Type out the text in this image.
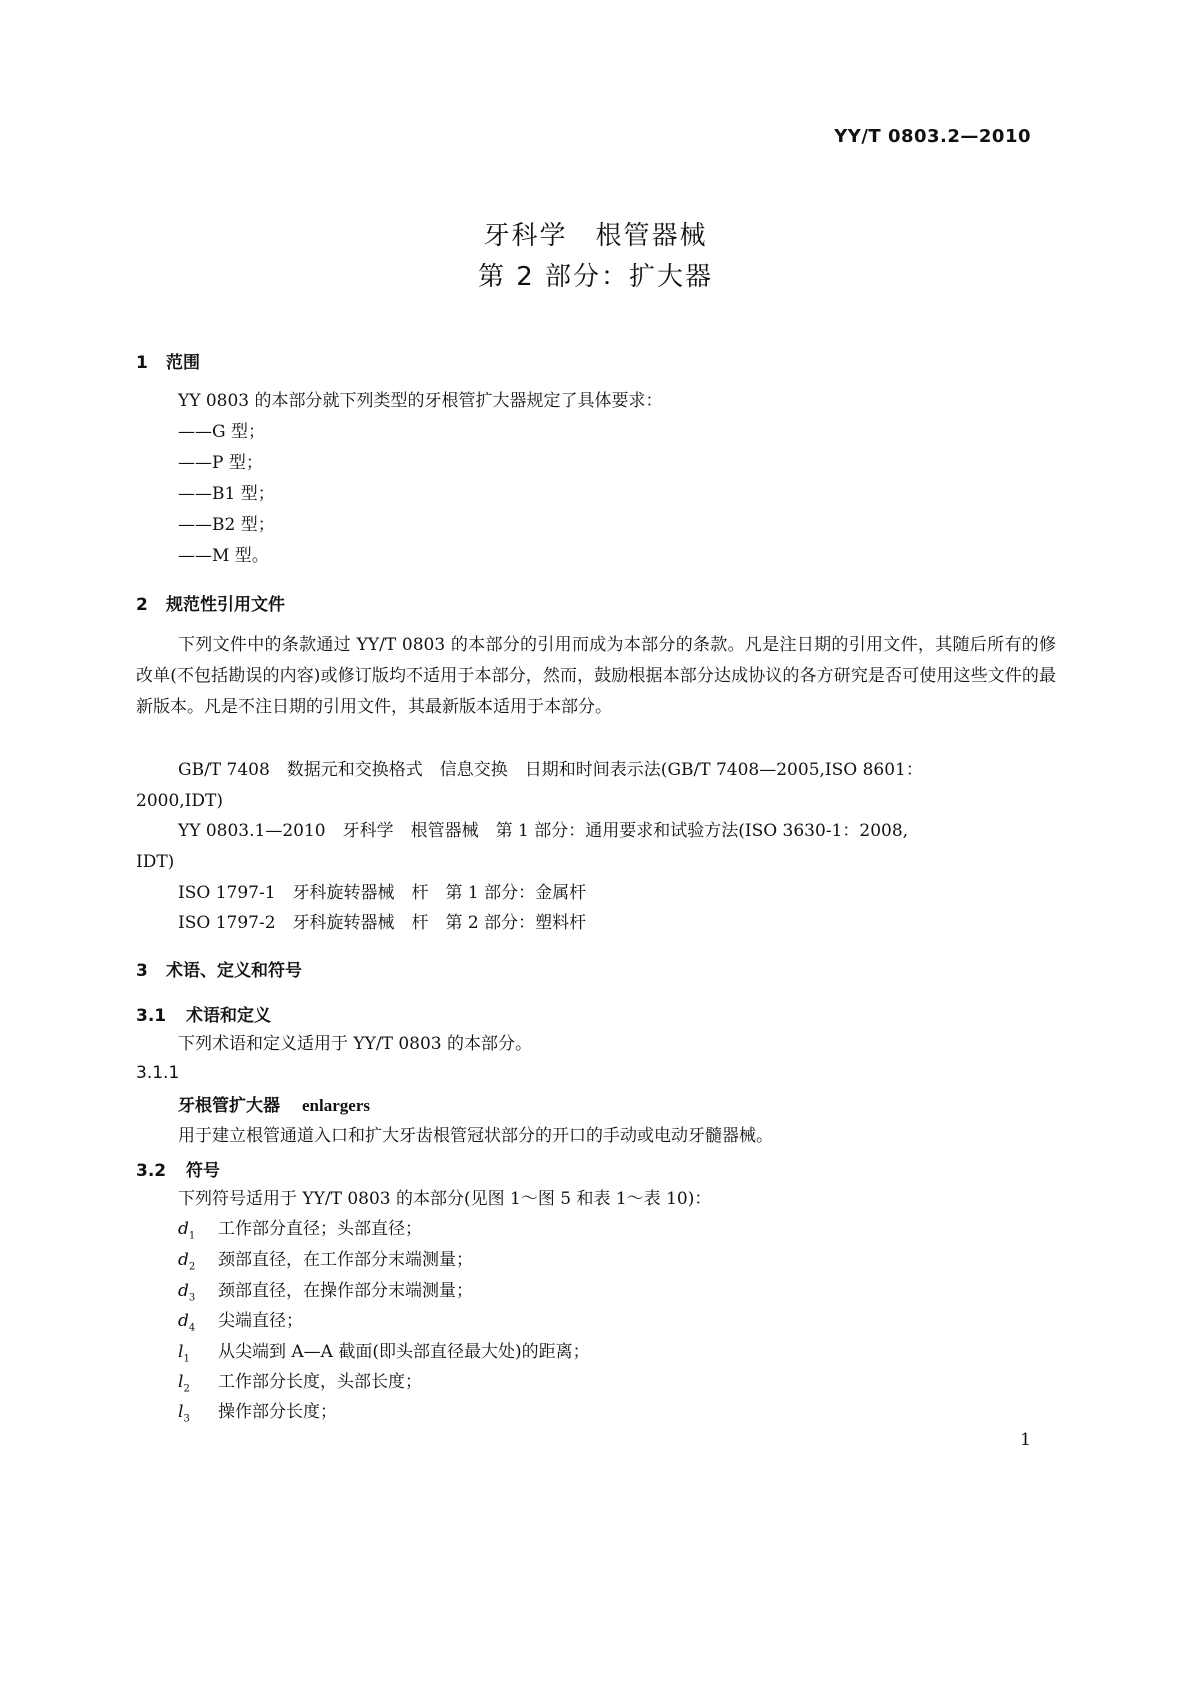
YY/T 0803.2—2010
牙科学　根管器械
第 2 部分：扩大器
1 范围
YY 0803 的本部分就下列类型的牙根管扩大器规定了具体要求：
——G 型；
——P 型；
——B1 型；
——B2 型；
——M 型。
2 规范性引用文件
下列文件中的条款通过 YY/T 0803 的本部分的引用而成为本部分的条款。凡是注日期的引用文件，其随后所有的修改单(不包括勘误的内容)或修订版均不适用于本部分，然而，鼓励根据本部分达成协议的各方研究是否可使用这些文件的最新版本。凡是不注日期的引用文件，其最新版本适用于本部分。
GB/T 7408　数据元和交换格式　信息交换　日期和时间表示法(GB/T 7408—2005,ISO 8601：
2000,IDT)
YY 0803.1—2010　牙科学　根管器械　第 1 部分：通用要求和试验方法(ISO 3630-1：2008,
IDT)
ISO 1797-1　牙科旋转器械　杆　第 1 部分：金属杆
ISO 1797-2　牙科旋转器械　杆　第 2 部分：塑料杆
3 术语、定义和符号
3.1 术语和定义
下列术语和定义适用于 YY/T 0803 的本部分。
3.1.1
牙根管扩大器 enlargers
用于建立根管通道入口和扩大牙齿根管冠状部分的开口的手动或电动牙髓器械。
3.2 符号
下列符号适用于 YY/T 0803 的本部分(见图 1～图 5 和表 1～表 10)：
$d_1$ 工作部分直径；头部直径；
$d_2$ 颈部直径，在工作部分末端测量；
$d_3$ 颈部直径，在操作部分末端测量；
$d_4$ 尖端直径；
$l_1$ 从尖端到 A—A 截面(即头部直径最大处)的距离；
$l_2$ 工作部分长度，头部长度；
$l_3$ 操作部分长度；
1
